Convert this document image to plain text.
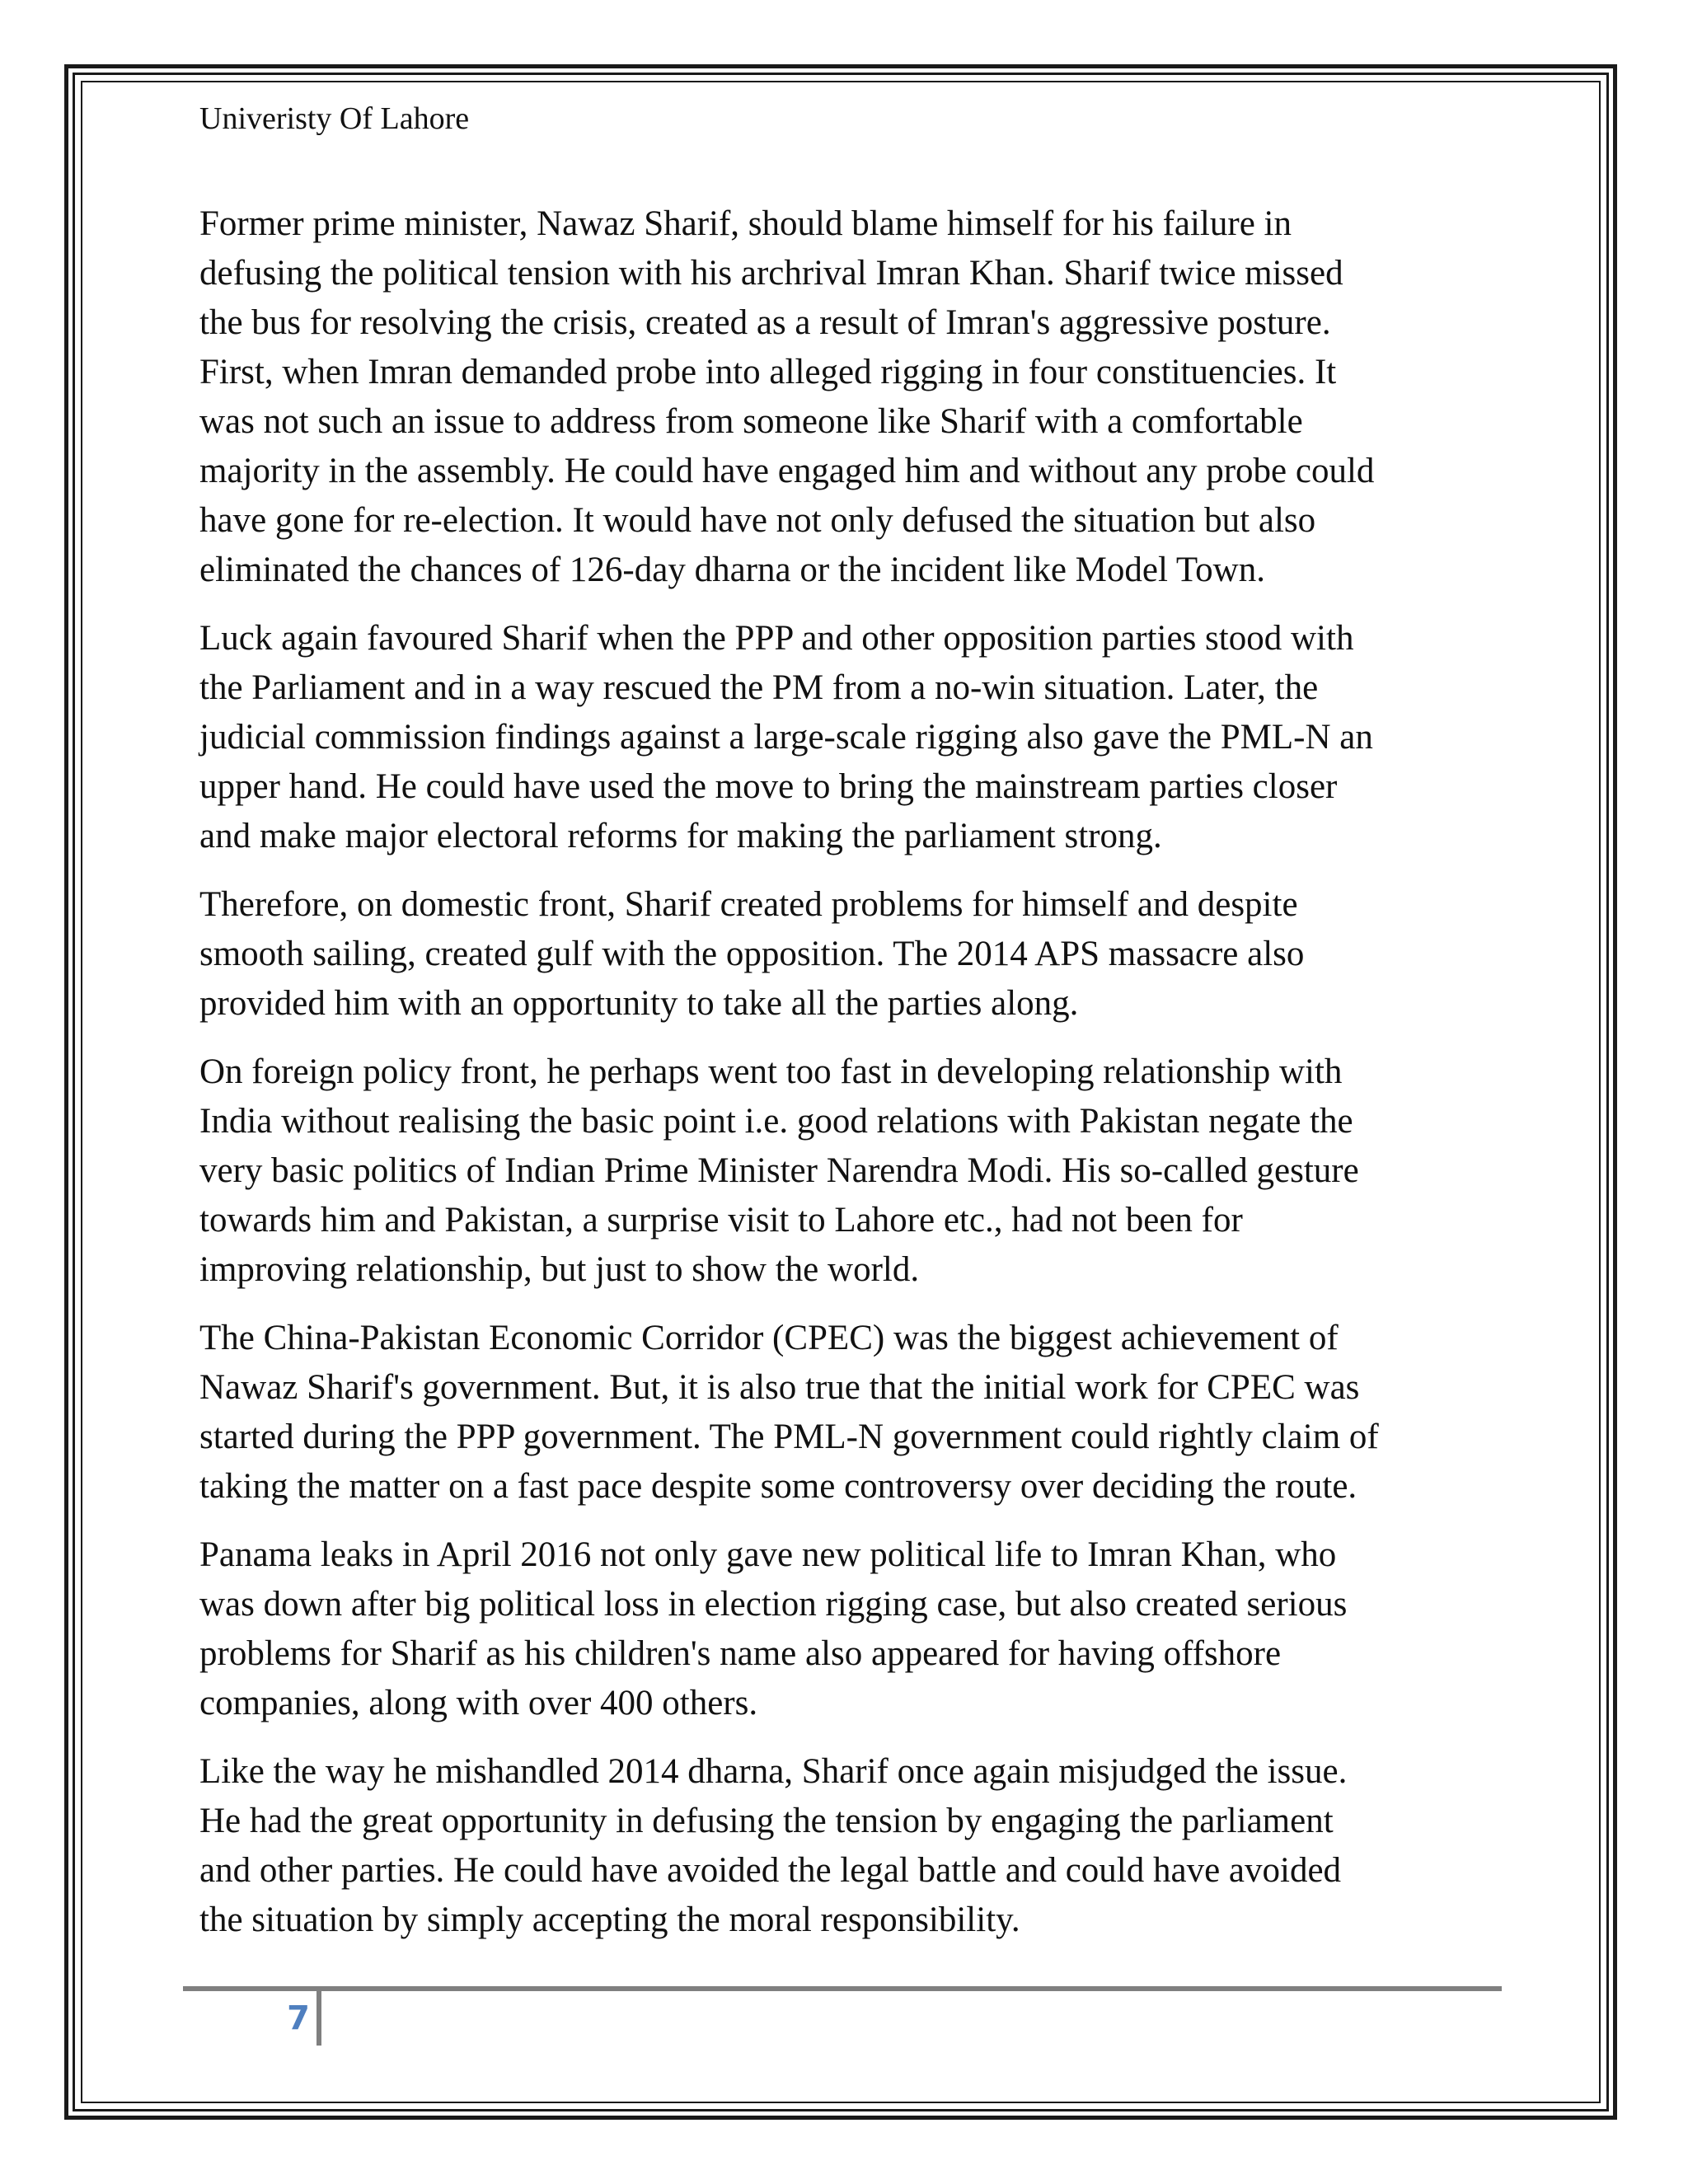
Univeristy Of Lahore

Former prime minister, Nawaz Sharif, should blame himself for his failure in
defusing the political tension with his archrival Imran Khan. Sharif twice missed
the bus for resolving the crisis, created as a result of Imran's aggressive posture.
First, when Imran demanded probe into alleged rigging in four constituencies. It
was not such an issue to address from someone like Sharif with a comfortable
majority in the assembly. He could have engaged him and without any probe could
have gone for re-election. It would have not only defused the situation but also
eliminated the chances of 126-day dharna or the incident like Model Town.

Luck again favoured Sharif when the PPP and other opposition parties stood with
the Parliament and in a way rescued the PM from a no-win situation. Later, the
judicial commission findings against a large-scale rigging also gave the PML-N an
upper hand. He could have used the move to bring the mainstream parties closer
and make major electoral reforms for making the parliament strong.

Therefore, on domestic front, Sharif created problems for himself and despite
smooth sailing, created gulf with the opposition. The 2014 APS massacre also
provided him with an opportunity to take all the parties along.

On foreign policy front, he perhaps went too fast in developing relationship with
India without realising the basic point i.e. good relations with Pakistan negate the
very basic politics of Indian Prime Minister Narendra Modi. His so-called gesture
towards him and Pakistan, a surprise visit to Lahore etc., had not been for
improving relationship, but just to show the world.

The China-Pakistan Economic Corridor (CPEC) was the biggest achievement of
Nawaz Sharif's government. But, it is also true that the initial work for CPEC was
started during the PPP government. The PML-N government could rightly claim of
taking the matter on a fast pace despite some controversy over deciding the route.

Panama leaks in April 2016 not only gave new political life to Imran Khan, who
was down after big political loss in election rigging case, but also created serious
problems for Sharif as his children's name also appeared for having offshore
companies, along with over 400 others.

Like the way he mishandled 2014 dharna, Sharif once again misjudged the issue.
He had the great opportunity in defusing the tension by engaging the parliament
and other parties. He could have avoided the legal battle and could have avoided
the situation by simply accepting the moral responsibility.

7
